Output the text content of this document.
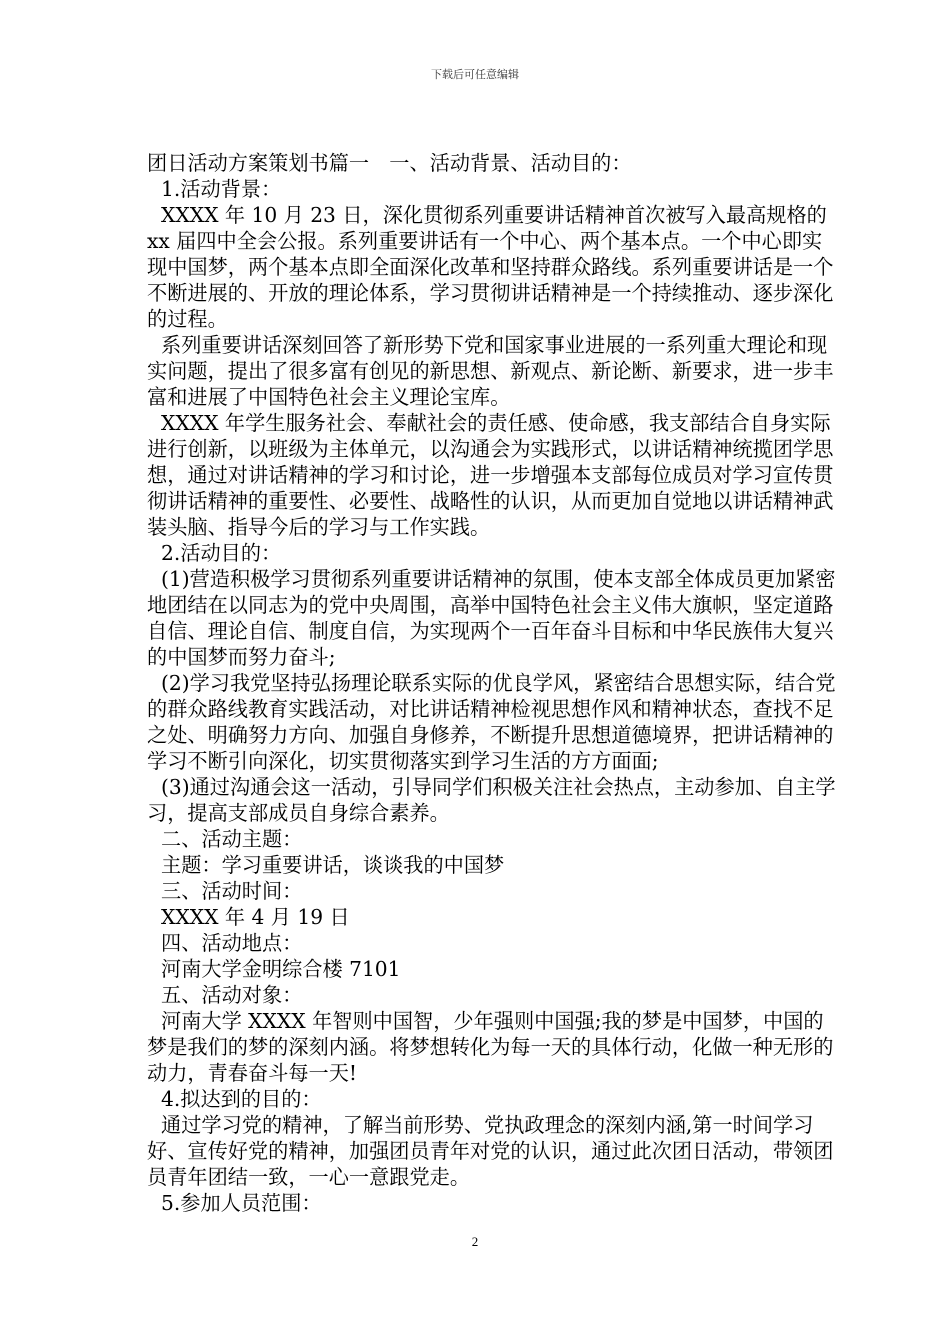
下载后可任意编辑

团日活动方案策划书篇一　一、活动背景、活动目的：

1.活动背景：

XXXX 年 10 月 23 日，深化贯彻系列重要讲话精神首次被写入最高规格的 xx 届四中全会公报。系列重要讲话有一个中心、两个基本点。一个中心即实现中国梦，两个基本点即全面深化改革和坚持群众路线。系列重要讲话是一个不断进展的、开放的理论体系，学习贯彻讲话精神是一个持续推动、逐步深化的过程。

系列重要讲话深刻回答了新形势下党和国家事业进展的一系列重大理论和现实问题，提出了很多富有创见的新思想、新观点、新论断、新要求，进一步丰富和进展了中国特色社会主义理论宝库。

XXXX 年学生服务社会、奉献社会的责任感、使命感，我支部结合自身实际进行创新，以班级为主体单元，以沟通会为实践形式，以讲话精神统揽团学思想，通过对讲话精神的学习和讨论，进一步增强本支部每位成员对学习宣传贯彻讲话精神的重要性、必要性、战略性的认识，从而更加自觉地以讲话精神武装头脑、指导今后的学习与工作实践。

2.活动目的：

(1)营造积极学习贯彻系列重要讲话精神的氛围，使本支部全体成员更加紧密地团结在以同志为的党中央周围，高举中国特色社会主义伟大旗帜，坚定道路自信、理论自信、制度自信，为实现两个一百年奋斗目标和中华民族伟大复兴的中国梦而努力奋斗;

(2)学习我党坚持弘扬理论联系实际的优良学风，紧密结合思想实际，结合党的群众路线教育实践活动，对比讲话精神检视思想作风和精神状态，查找不足之处、明确努力方向、加强自身修养，不断提升思想道德境界，把讲话精神的学习不断引向深化，切实贯彻落实到学习生活的方方面面;

(3)通过沟通会这一活动，引导同学们积极关注社会热点，主动参加、自主学习，提高支部成员自身综合素养。

二、活动主题：

主题：学习重要讲话，谈谈我的中国梦

三、活动时间：

XXXX 年 4 月 19 日

四、活动地点：

河南大学金明综合楼 7101

五、活动对象：

河南大学 XXXX 年智则中国智，少年强则中国强;我的梦是中国梦，中国的梦是我们的梦的深刻内涵。将梦想转化为每一天的具体行动，化做一种无形的动力，青春奋斗每一天!

4.拟达到的目的：

通过学习党的精神，了解当前形势、党执政理念的深刻内涵,第一时间学习好、宣传好党的精神，加强团员青年对党的认识，通过此次团日活动，带领团员青年团结一致，一心一意跟党走。

5.参加人员范围：

2
